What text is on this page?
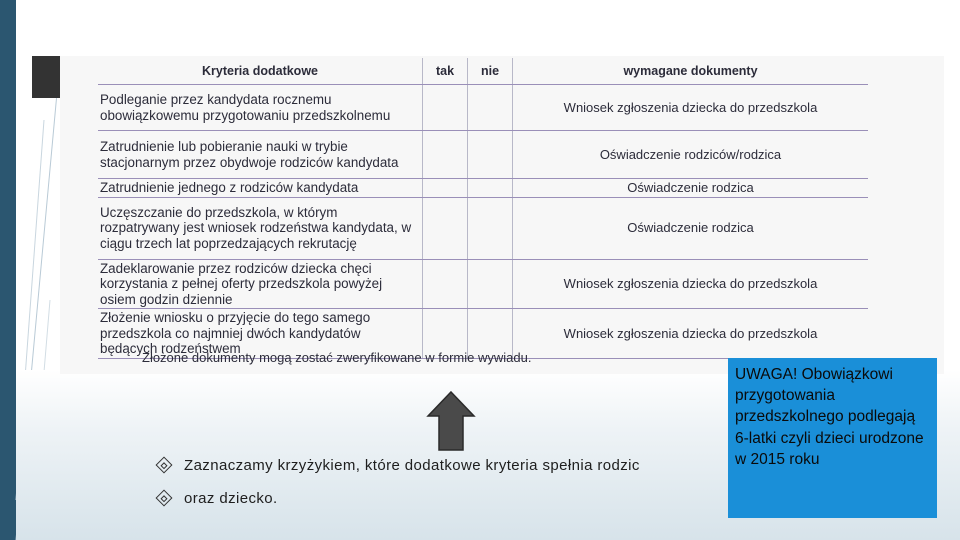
Kryteria dodatkowe	tak	nie	wymagane dokumenty
Podleganie przez kandydata rocznemu obowiązkowemu przygotowaniu przedszkolnemu			Wniosek zgłoszenia dziecka do przedszkola
Zatrudnienie lub pobieranie nauki w trybie stacjonarnym przez obydwoje rodziców kandydata			Oświadczenie rodziców/rodzica
Zatrudnienie jednego z rodziców kandydata			Oświadczenie rodzica
Uczęszczanie do przedszkola, w którym rozpatrywany jest wniosek rodzeństwa kandydata, w ciągu trzech lat poprzedzających rekrutację			Oświadczenie rodzica
Zadeklarowanie przez rodziców dziecka chęci korzystania z pełnej oferty przedszkola powyżej osiem godzin dziennie			Wniosek zgłoszenia dziecka do przedszkola
Złożenie wniosku o przyjęcie do tego samego przedszkola co najmniej dwóch kandydatów będących rodzeństwem			Wniosek zgłoszenia dziecka do przedszkola
Złożone dokumenty mogą zostać zweryfikowane w formie wywiadu.
Zaznaczamy krzyżykiem, które dodatkowe kryteria spełnia rodzic
oraz dziecko.
UWAGA! Obowiązkowi przygotowania przedszkolnego podlegają 6-latki czyli dzieci urodzone w 2015 roku
